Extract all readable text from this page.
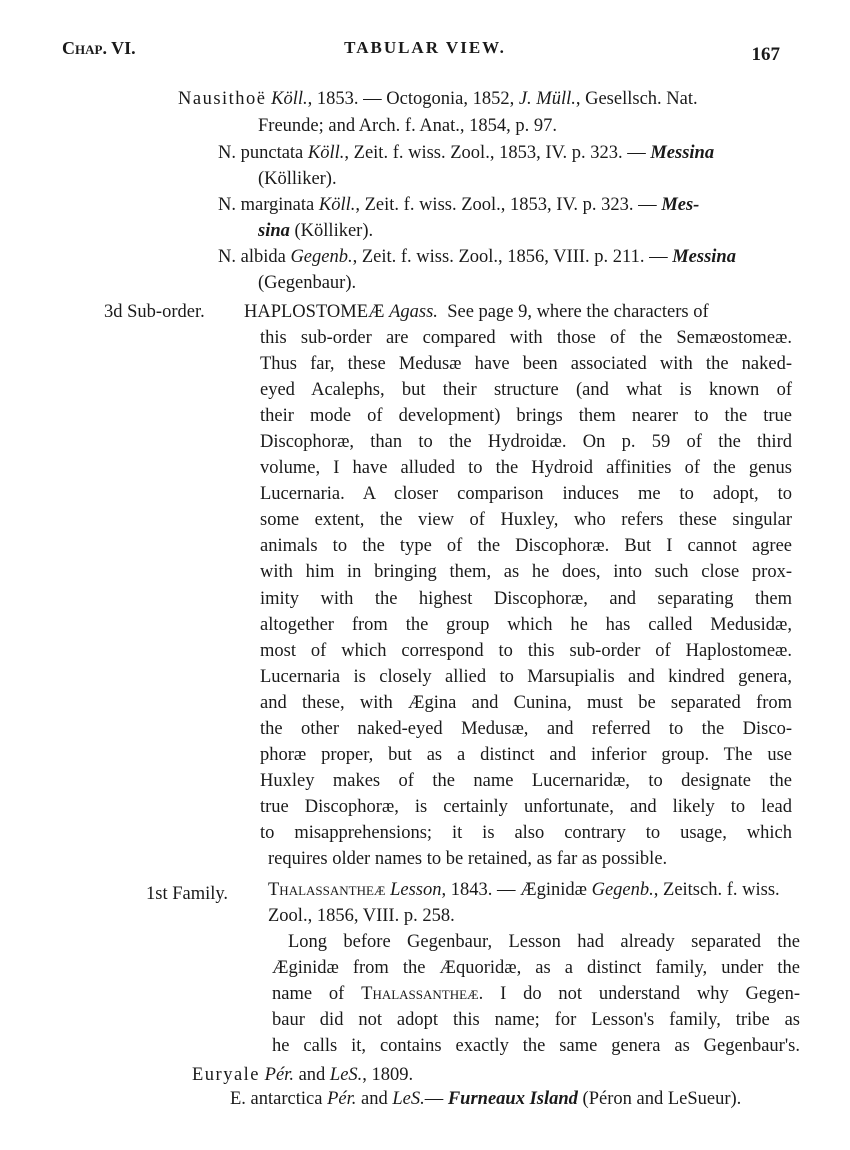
Chap. VI.	TABULAR VIEW.	167
Nausithoë Köll., 1853. — Octogonia, 1852, J. Müll., Gesellsch. Nat.
Freunde; and Arch. f. Anat., 1854, p. 97.
N. punctata Köll., Zeit. f. wiss. Zool., 1853, IV. p. 323. — Messina
(Kölliker).
N. marginata Köll., Zeit. f. wiss. Zool., 1853, IV. p. 323. — Mes-
sina (Kölliker).
N. albida Gegenb., Zeit. f. wiss. Zool., 1856, VIII. p. 211. — Messina
(Gegenbaur).
3d Sub-order. HAPLOSTOMEÆ Agass. See page 9, where the characters of
this sub-order are compared with those of the Semæostomeæ.
Thus far, these Medusæ have been associated with the naked-
eyed Acalephs, but their structure (and what is known of
their mode of development) brings them nearer to the true
Discophoræ, than to the Hydroidæ. On p. 59 of the third
volume, I have alluded to the Hydroid affinities of the genus
Lucernaria. A closer comparison induces me to adopt, to
some extent, the view of Huxley, who refers these singular
animals to the type of the Discophoræ. But I cannot agree
with him in bringing them, as he does, into such close prox-
imity with the highest Discophoræ, and separating them
altogether from the group which he has called Medusidæ,
most of which correspond to this sub-order of Haplostomeæ.
Lucernaria is closely allied to Marsupialis and kindred genera,
and these, with Ægina and Cunina, must be separated from
the other naked-eyed Medusæ, and referred to the Disco-
phoræ proper, but as a distinct and inferior group. The use
Huxley makes of the name Lucernaridæ, to designate the
true Discophoræ, is certainly unfortunate, and likely to lead
to misapprehensions; it is also contrary to usage, which
requires older names to be retained, as far as possible.
1st Family. Thalassantheæ Lesson, 1843. — Æginidæ Gegenb., Zeitsch. f. wiss.
Zool., 1856, VIII. p. 258.
Long before Gegenbaur, Lesson had already separated the
Æginidæ from the Æquoridæ, as a distinct family, under the
name of Thalassantheæ. I do not understand why Gegen-
baur did not adopt this name; for Lesson's family, tribe as
he calls it, contains exactly the same genera as Gegenbaur's.
Euryale Pér. and LeS., 1809.
E. antarctica Pér. and LeS.— Furneaux Island (Péron and LeSueur).
